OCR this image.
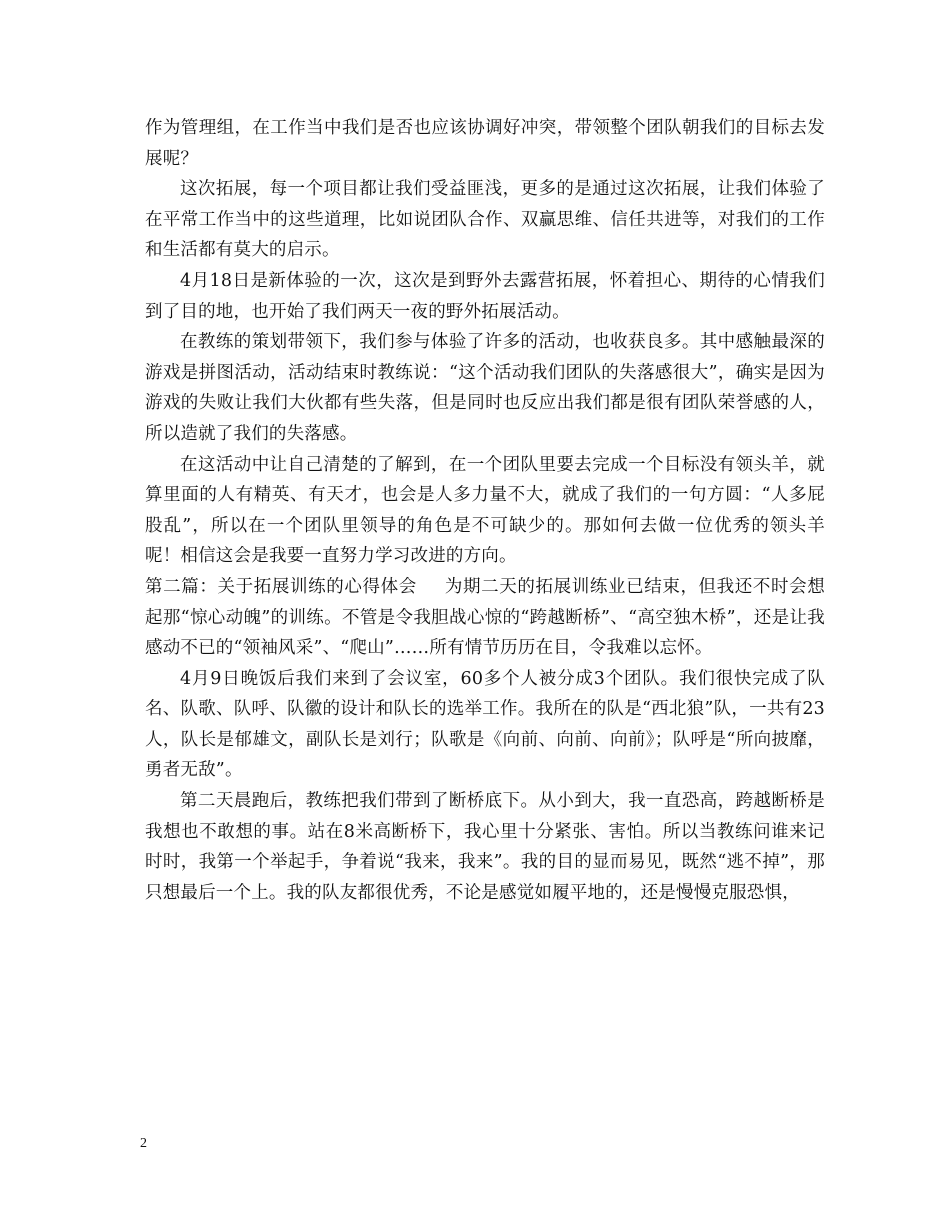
作为管理组，在工作当中我们是否也应该协调好冲突，带领整个团队朝我们的目标去发展呢？

这次拓展，每一个项目都让我们受益匪浅，更多的是通过这次拓展，让我们体验了在平常工作当中的这些道理，比如说团队合作、双赢思维、信任共进等，对我们的工作和生活都有莫大的启示。

4月18日是新体验的一次，这次是到野外去露营拓展，怀着担心、期待的心情我们到了目的地，也开始了我们两天一夜的野外拓展活动。

在教练的策划带领下，我们参与体验了许多的活动，也收获良多。其中感触最深的游戏是拼图活动，活动结束时教练说：“这个活动我们团队的失落感很大”，确实是因为游戏的失败让我们大伙都有些失落，但是同时也反应出我们都是很有团队荣誉感的人，所以造就了我们的失落感。

在这活动中让自己清楚的了解到，在一个团队里要去完成一个目标没有领头羊，就算里面的人有精英、有天才，也会是人多力量不大，就成了我们的一句方圆：“人多屁股乱”，所以在一个团队里领导的角色是不可缺少的。那如何去做一位优秀的领头羊呢！相信这会是我要一直努力学习改进的方向。

第二篇：关于拓展训练的心得体会 为期二天的拓展训练业已结束，但我还不时会想起那“惊心动魄”的训练。不管是令我胆战心惊的“跨越断桥”、“高空独木桥”，还是让我感动不已的“领袖风采”、“爬山”……所有情节历历在目，令我难以忘怀。

4月9日晚饭后我们来到了会议室，60多个人被分成3个团队。我们很快完成了队名、队歌、队呼、队徽的设计和队长的选举工作。我所在的队是“西北狼”队，一共有23人，队长是郁雄文，副队长是刘行；队歌是《向前、向前、向前》；队呼是“所向披靡，勇者无敌”。

第二天晨跑后，教练把我们带到了断桥底下。从小到大，我一直恐高，跨越断桥是我想也不敢想的事。站在8米高断桥下，我心里十分紧张、害怕。所以当教练问谁来记时时，我第一个举起手，争着说“我来，我来”。我的目的显而易见，既然“逃不掉”，那只想最后一个上。我的队友都很优秀，不论是感觉如履平地的，还是慢慢克服恐惧，

2
